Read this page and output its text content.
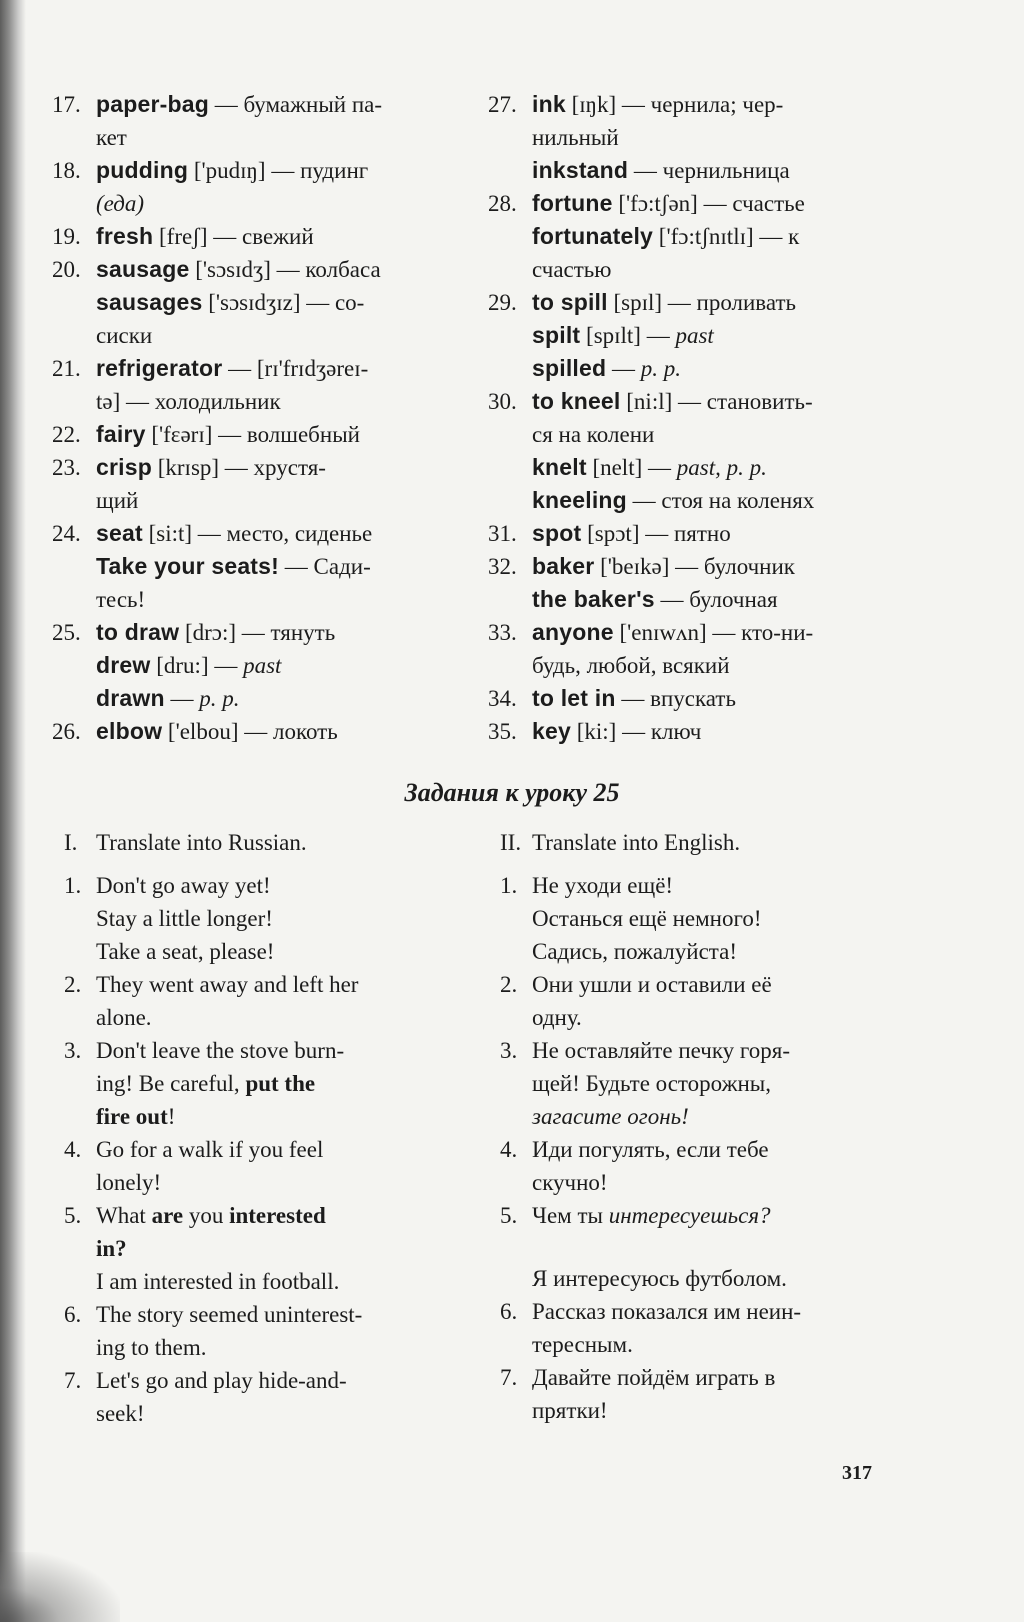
17. paper-bag — бумажный па-

кет

18. pudding ['pudɪŋ] — пудинг

(еда)

19. fresh [freʃ] — свежий

20. sausage ['sɔsɪdʒ] — колбаса

sausages ['sɔsɪdʒɪz] — со-

сиски

21. refrigerator — [rɪ'frɪdʒəreɪ-

tə] — холодильник

22. fairy ['fɛərɪ] — волшебный

23. crisp [krɪsp] — хрустя-

щий

24. seat [si:t] — место, сиденье

Take your seats! — Сади-

тесь!

25. to draw [drɔ:] — тянуть

drew [dru:] — past

drawn — p. p.

26. elbow ['elbou] — локоть

27. ink [ɪŋk] — чернила; чер-

нильный

inkstand — чернильница

28. fortune ['fɔ:tʃən] — счастье

fortunately ['fɔ:tʃnɪtlɪ] — к

счастью

29. to spill [spɪl] — проливать

spilt [spɪlt] — past

spilled — p. p.

30. to kneel [ni:l] — становить-

ся на колени

knelt [nelt] — past, p. p.

kneeling — стоя на коленях

31. spot [spɔt] — пятно

32. baker ['beɪkə] — булочник

the baker's — булочная

33. anyone ['enɪwʌn] — кто-ни-

будь, любой, всякий

34. to let in — впускать

35. key [ki:] — ключ

Задания к уроку 25
I. Translate into Russian.
1. Don't go away yet!

Stay a little longer!

Take a seat, please!

2. They went away and left her

alone.

3. Don't leave the stove burn-

ing! Be careful, put the

fire out!

4. Go for a walk if you feel

lonely!

5. What are you interested

in?

I am interested in football.

6. The story seemed uninterest-

ing to them.

7. Let's go and play hide-and-

seek!

II. Translate into English.
1. Не уходи ещё!

Останься ещё немного!

Садись, пожалуйста!

2. Они ушли и оставили её

одну.

3. Не оставляйте печку горя-

щей! Будьте осторожны,

загасите огонь!

4. Иди погулять, если тебе

скучно!

5. Чем ты интересуешься?

Я интересуюсь футболом.

6. Рассказ показался им неин-

тересным.

7. Давайте пойдём играть в

прятки!

317
